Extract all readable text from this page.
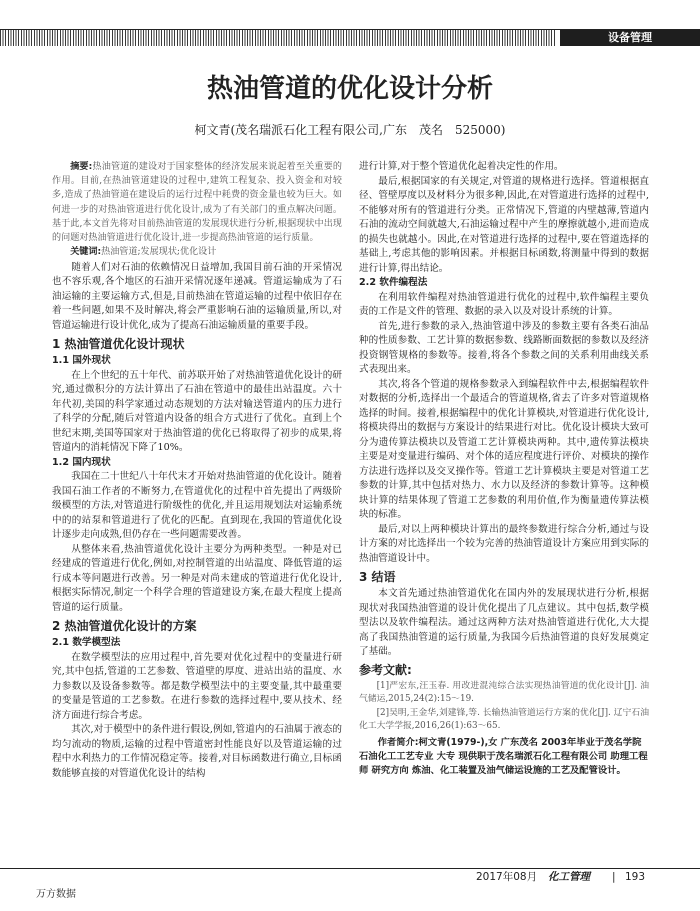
设备管理
热油管道的优化设计分析
柯文青(茂名瑞派石化工程有限公司,广东　茂名　525000)

摘要:热油管道的建设对于国家整体的经济发展来说起着至关重要的作用。目前,在热油管道建设的过程中,建筑工程复杂、投入资金和对较多,造成了热油管道在建设后的运行过程中耗费的资金量也较为巨大。如何进一步的对热油管道进行优化设计,成为了有关部门的重点解决问题。基于此,本文首先将对目前热油管道的发展现状进行分析,根据现状中出现的问题对热油管道进行优化设计,进一步提高热油管道的运行质量。

关键词:热油管道;发展现状;优化设计

随着人们对石油的依赖情况日益增加,我国目前石油的开采情况也不容乐观,各个地区的石油开采情况逐年递减。管道运输成为了石油运输的主要运输方式,但是,目前热油在管道运输的过程中依旧存在着一些问题,如果不及时解决,将会严重影响石油的运输质量,所以,对管道运输进行设计优化,成为了提高石油运输质量的重要手段。

1 热油管道优化设计现状
1.1 国外现状

在上个世纪的五十年代、前苏联开始了对热油管道优化设计的研究,通过微积分的方法计算出了石油在管道中的最佳出站温度。六十年代初,美国的科学家通过动态规划的方法对输送管道内的压力进行了科学的分配,随后对管道内设备的组合方式进行了优化。直到上个世纪末期,美国等国家对于热油管道的优化已将取得了初步的成果,将管道内的消耗情况下降了10%。

1.2 国内现状

我国在二十世纪八十年代末才开始对热油管道的优化设计。随着我国石油工作者的不断努力,在管道优化的过程中首先提出了两级阶级模型的方法,对管道进行阶级性的优化,并且运用规划法对运输系统中的的站泵和管道进行了优化的匹配。直到现在,我国的管道优化设计逐步走向成熟,但仍存在一些问题需要改善。

从整体来看,热油管道优化设计主要分为两种类型。一种是对已经建成的管道进行优化,例如,对控制管道的出站温度、降低管道的运行成本等问题进行改善。另一种是对尚未建成的管道进行优化设计,根据实际情况,制定一个科学合理的管道建设方案,在最大程度上提高管道的运行质量。

2 热油管道优化设计的方案
2.1 数学模型法

在数学模型法的应用过程中,首先要对优化过程中的变量进行研究,其中包括,管道的工艺参数、管道壁的厚度、进站出站的温度、水力参数以及设备参数等。都是数学模型法中的主要变量,其中最重要的变量是管道的工艺参数。在进行参数的选择过程中,要从技术、经济方面进行综合考虑。

其次,对于模型中的条件进行假设,例如,管道内的石油属于液态的均匀流动的物质,运输的过程中管道密封性能良好以及管道运输的过程中水利热力的工作情况稳定等。接着,对目标函数进行确立,目标函数能够直接的对管道优化设计的结构

进行计算,对于整个管道优化起着决定性的作用。

最后,根据国家的有关规定,对管道的规格进行选择。管道根据直径、管壁厚度以及材料分为很多种,因此,在对管道进行选择的过程中,不能够对所有的管道进行分类。正常情况下,管道的内壁越薄,管道内石油的流动空间就越大,石油运输过程中产生的摩擦就越小,进而造成的损失也就越小。因此,在对管道进行选择的过程中,要在管道选择的基础上,考虑其他的影响因素。并根据目标函数,将测量中得到的数据进行计算,得出结论。

2.2 软件编程法

在利用软件编程对热油管道进行优化的过程中,软件编程主要负责的工作是文件的管理、数据的录入以及对设计系统的计算。

首先,进行参数的录入,热油管道中涉及的参数主要有各类石油品种的性质参数、工艺计算的数据参数、线路断面数据的参数以及经济投资钢管规格的参数等。接着,将各个参数之间的关系利用曲线关系式表现出来。

其次,将各个管道的规格参数录入到编程软件中去,根据编程软件对数据的分析,选择出一个最适合的管道规格,省去了许多对管道规格选择的时间。接着,根据编程中的优化计算模块,对管道进行优化设计,将模块得出的数据与方案设计的结果进行对比。优化设计模块大致可分为遗传算法模块以及管道工艺计算模块两种。其中,遗传算法模块主要是对变量进行编码、对个体的适应程度进行评价、对模块的操作方法进行选择以及交叉操作等。管道工艺计算模块主要是对管道工艺参数的计算,其中包括对热力、水力以及经济的参数计算等。这种模块计算的结果体现了管道工艺参数的利用价值,作为衡量遗传算法模块的标准。

最后,对以上两种模块计算出的最终参数进行综合分析,通过与设计方案的对比选择出一个较为完善的热油管道设计方案应用到实际的热油管道设计中。

3 结语

本文首先通过热油管道优化在国内外的发展现状进行分析,根据现状对我国热油管道的设计优化提出了几点建议。其中包括,数学模型法以及软件编程法。通过这两种方法对热油管道进行优化,大大提高了我国热油管道的运行质量,为我国今后热油管道的良好发展奠定了基础。

参考文献:
[1]严宏东,汪玉春. 用改进混沌综合法实现热油管道的优化设计[J]. 油气储运,2015,24(2):15～19.
[2]吴明,王金华,刘建锋,等. 长输热油管道运行方案的优化[J]. 辽宁石油化工大学学报,2016,26(1):63～65.
作者简介:柯文青(1979-),女 广东茂名 2003年毕业于茂名学院石油化工工艺专业 大专 现供职于茂名瑞派石化工程有限公司 助理工程师 研究方向 炼油、化工装置及油气储运设施的工艺及配管设计。
2017年08月 化工管理 | 193
万方数据
